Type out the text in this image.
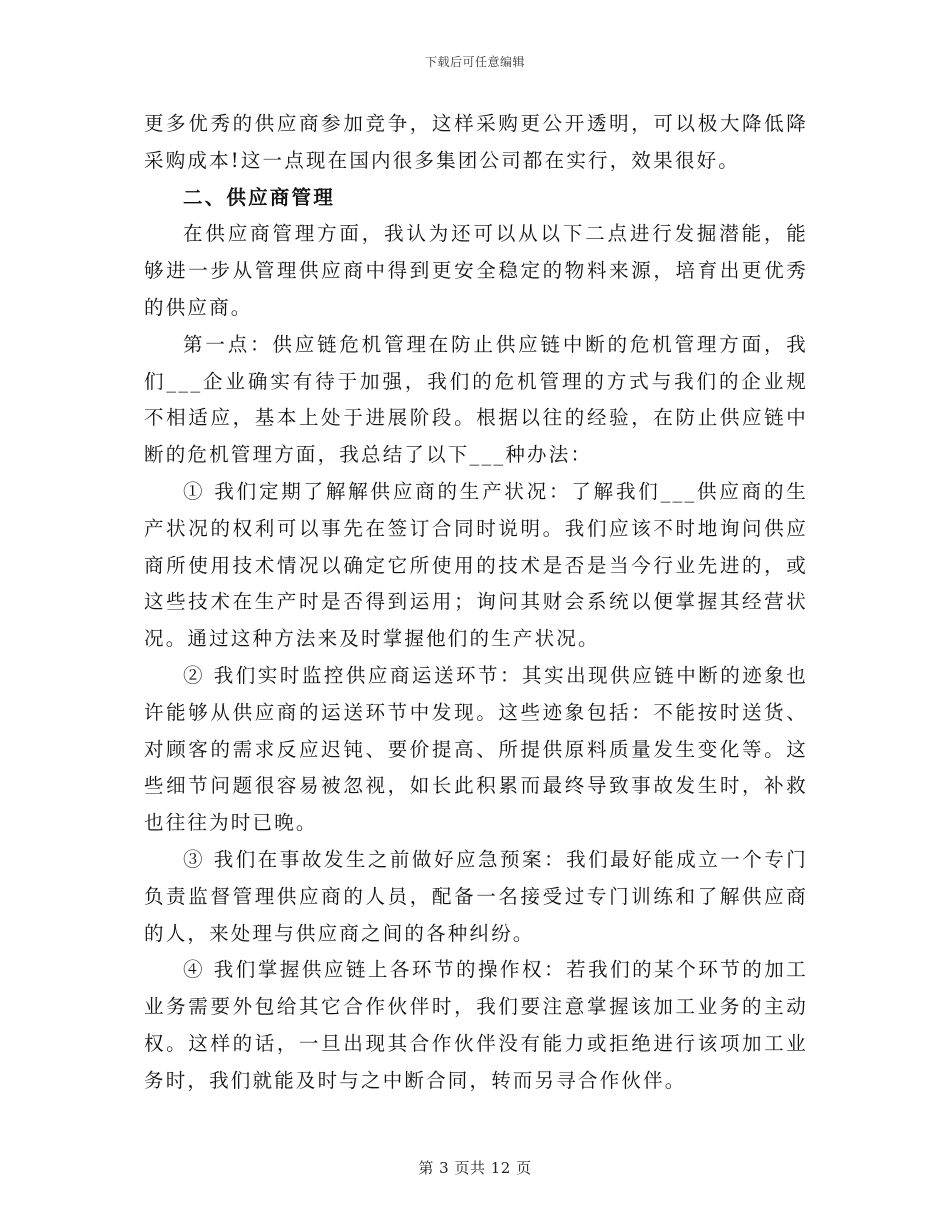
下载后可任意编辑

更多优秀的供应商参加竞争，这样采购更公开透明，可以极大降低降采购成本!这一点现在国内很多集团公司都在实行，效果很好。

二、供应商管理

在供应商管理方面，我认为还可以从以下二点进行发掘潜能，能够进一步从管理供应商中得到更安全稳定的物料来源，培育出更优秀的供应商。

第一点：供应链危机管理在防止供应链中断的危机管理方面，我们___企业确实有待于加强，我们的危机管理的方式与我们的企业规不相适应，基本上处于进展阶段。根据以往的经验，在防止供应链中断的危机管理方面，我总结了以下___种办法：

① 我们定期了解解供应商的生产状况：了解我们___供应商的生产状况的权利可以事先在签订合同时说明。我们应该不时地询问供应商所使用技术情况以确定它所使用的技术是否是当今行业先进的，或这些技术在生产时是否得到运用；询问其财会系统以便掌握其经营状况。通过这种方法来及时掌握他们的生产状况。

② 我们实时监控供应商运送环节：其实出现供应链中断的迹象也许能够从供应商的运送环节中发现。这些迹象包括：不能按时送货、对顾客的需求反应迟钝、要价提高、所提供原料质量发生变化等。这些细节问题很容易被忽视，如长此积累而最终导致事故发生时，补救也往往为时已晚。

③ 我们在事故发生之前做好应急预案：我们最好能成立一个专门负责监督管理供应商的人员，配备一名接受过专门训练和了解供应商的人，来处理与供应商之间的各种纠纷。

④ 我们掌握供应链上各环节的操作权：若我们的某个环节的加工业务需要外包给其它合作伙伴时，我们要注意掌握该加工业务的主动权。这样的话，一旦出现其合作伙伴没有能力或拒绝进行该项加工业务时，我们就能及时与之中断合同，转而另寻合作伙伴。

第 3 页共 12 页
